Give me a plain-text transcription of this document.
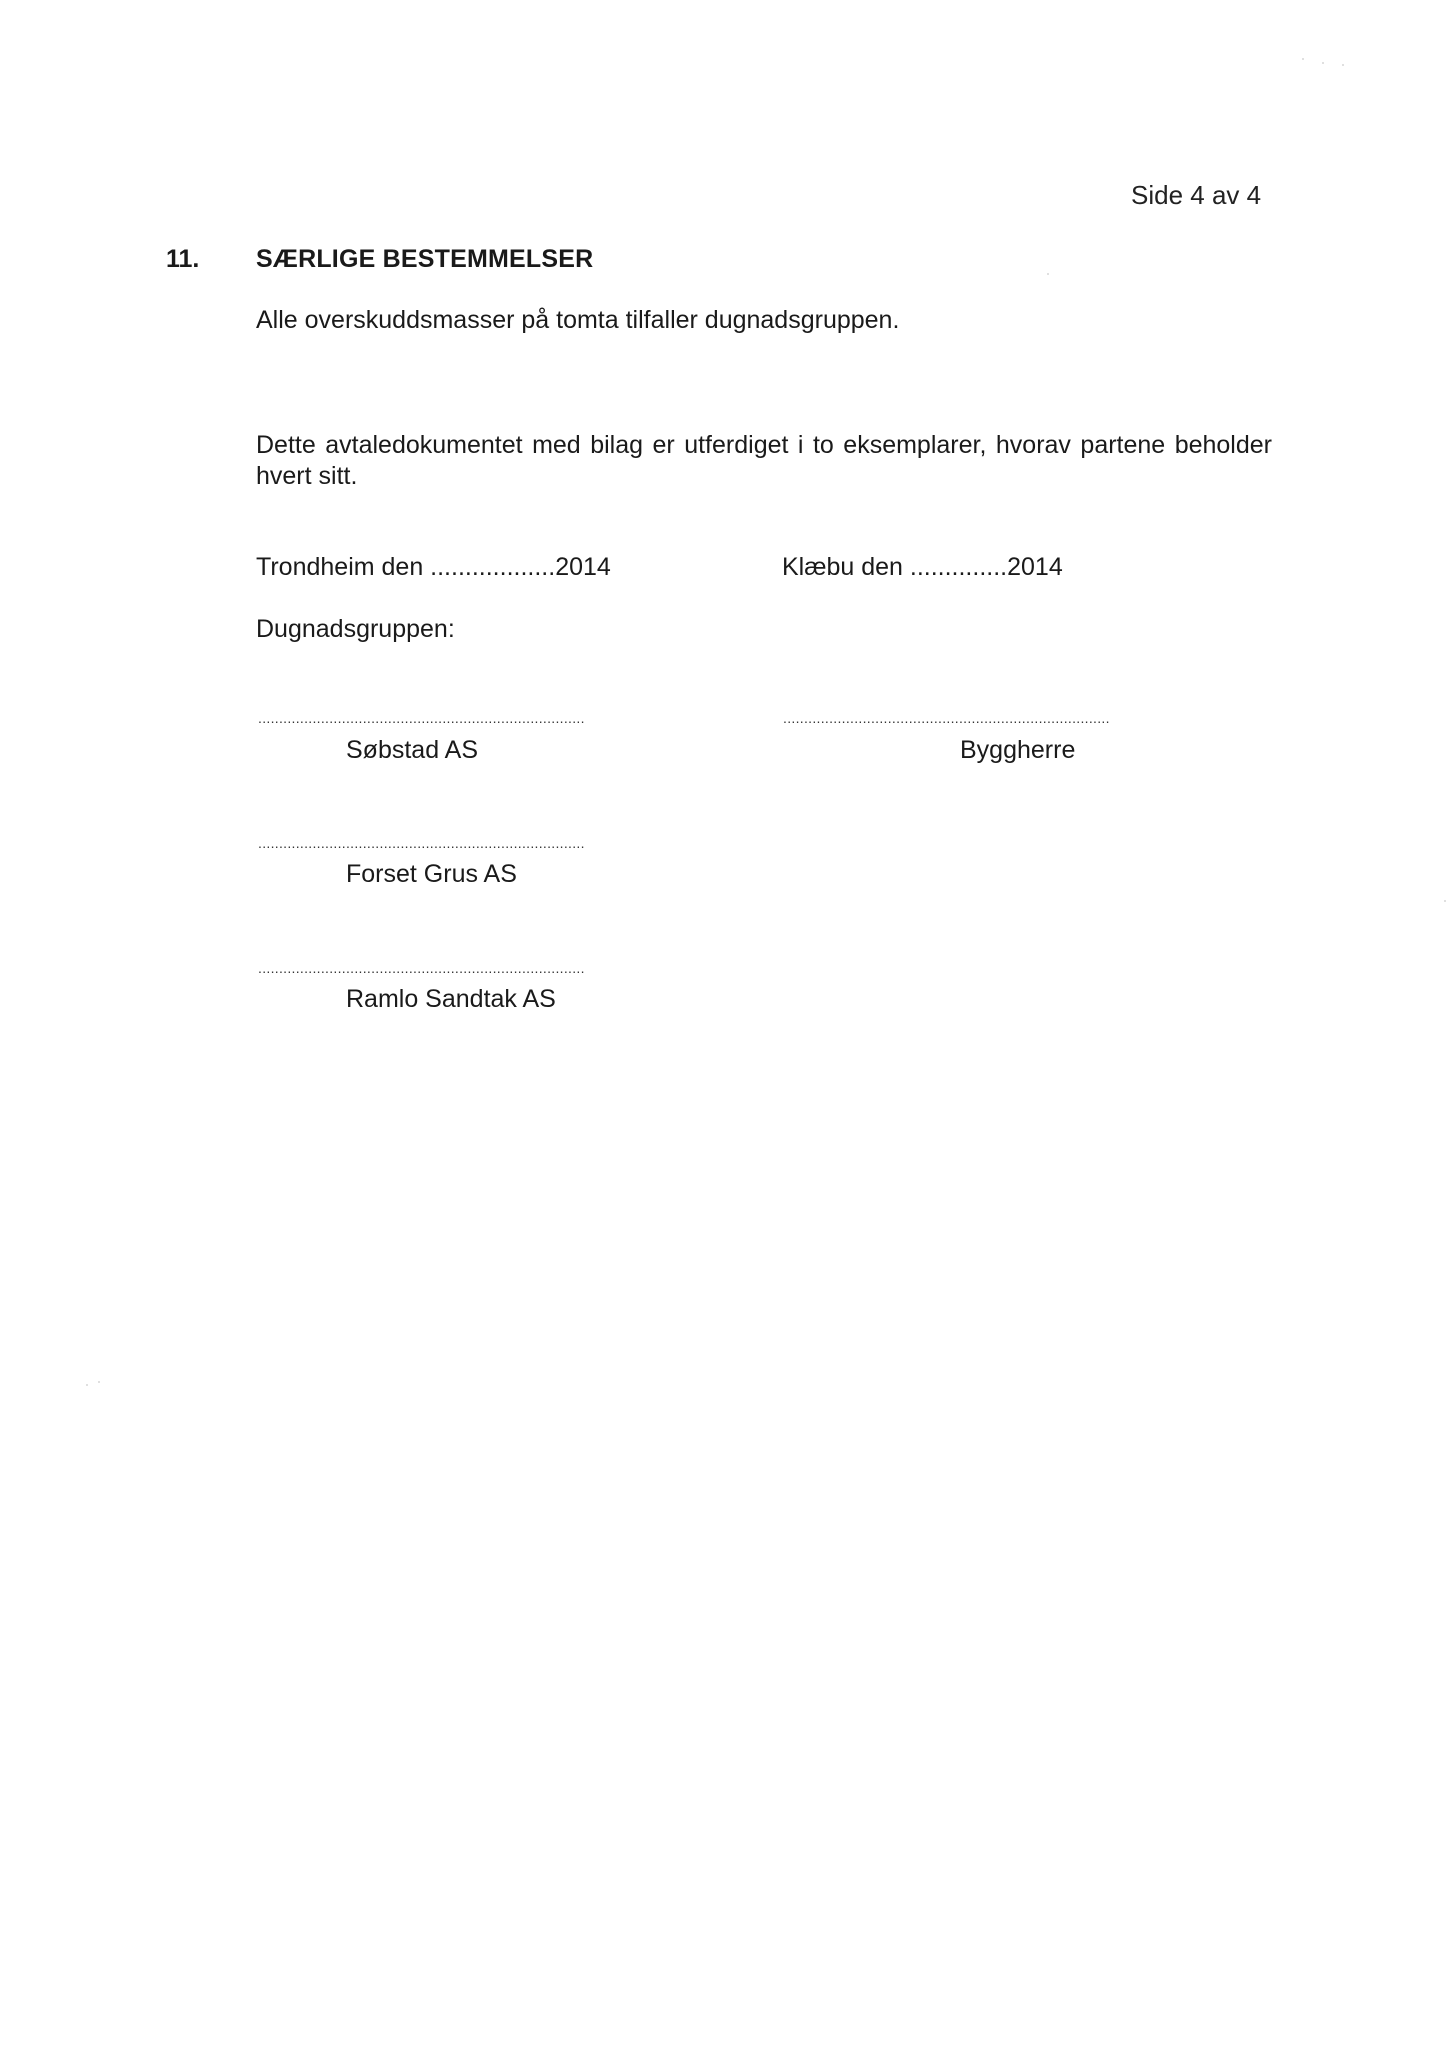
Side 4 av 4
11. SÆRLIGE BESTEMMELSER
Alle overskuddsmasser på tomta tilfaller dugnadsgruppen.
Dette avtaledokumentet med bilag er utferdiget i to eksemplarer, hvorav partene beholder hvert sitt.
Trondheim den ..................2014	Klæbu den ..............2014
Dugnadsgruppen:
..............................................................................
Søbstad AS
..............................................................................
Byggherre
..............................................................................
Forset Grus AS
..............................................................................
Ramlo Sandtak AS
